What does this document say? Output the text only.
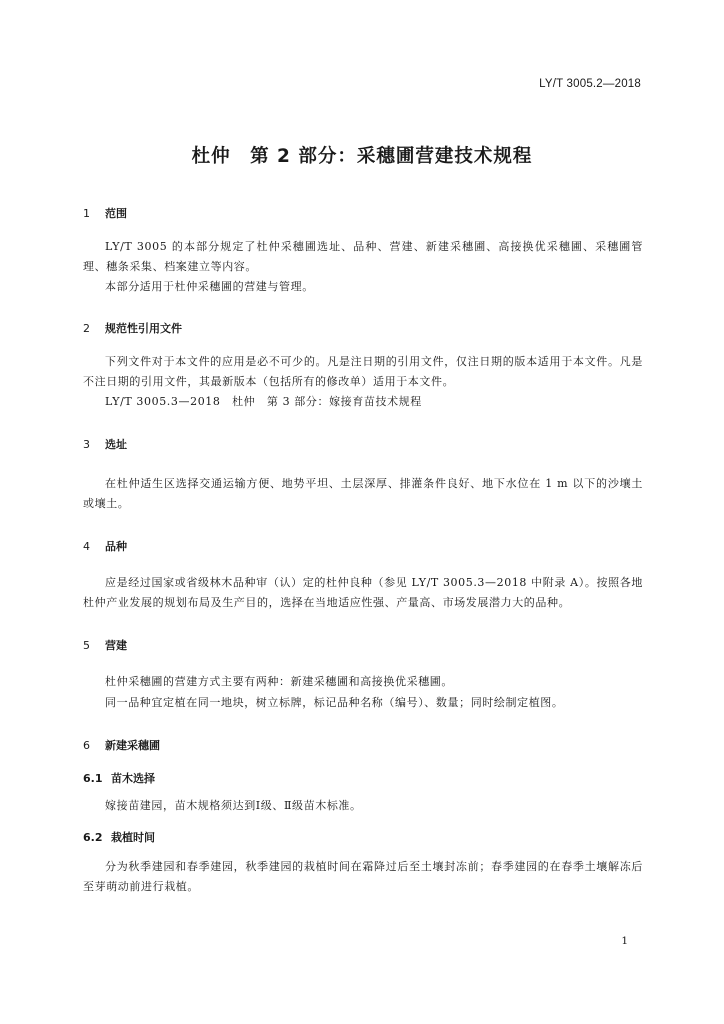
LY/T 3005.2—2018
杜仲　第 2 部分：采穗圃营建技术规程
1 范围
LY/T 3005 的本部分规定了杜仲采穗圃选址、品种、营建、新建采穗圃、高接换优采穗圃、采穗圃管理、穗条采集、档案建立等内容。
本部分适用于杜仲采穗圃的营建与管理。
2 规范性引用文件
下列文件对于本文件的应用是必不可少的。凡是注日期的引用文件，仅注日期的版本适用于本文件。凡是不注日期的引用文件，其最新版本（包括所有的修改单）适用于本文件。
LY/T 3005.3—2018　杜仲　第 3 部分：嫁接育苗技术规程
3 选址
在杜仲适生区选择交通运输方便、地势平坦、土层深厚、排灌条件良好、地下水位在 1 m 以下的沙壤土或壤土。
4 品种
应是经过国家或省级林木品种审（认）定的杜仲良种（参见 LY/T 3005.3—2018 中附录 A）。按照各地杜仲产业发展的规划布局及生产目的，选择在当地适应性强、产量高、市场发展潜力大的品种。
5 营建
杜仲采穗圃的营建方式主要有两种：新建采穗圃和高接换优采穗圃。
同一品种宜定植在同一地块，树立标牌，标记品种名称（编号）、数量；同时绘制定植图。
6 新建采穗圃
6.1 苗木选择
嫁接苗建园，苗木规格须达到Ⅰ级、Ⅱ级苗木标准。
6.2 栽植时间
分为秋季建园和春季建园，秋季建园的栽植时间在霜降过后至土壤封冻前；春季建园的在春季土壤解冻后至芽萌动前进行栽植。
1
